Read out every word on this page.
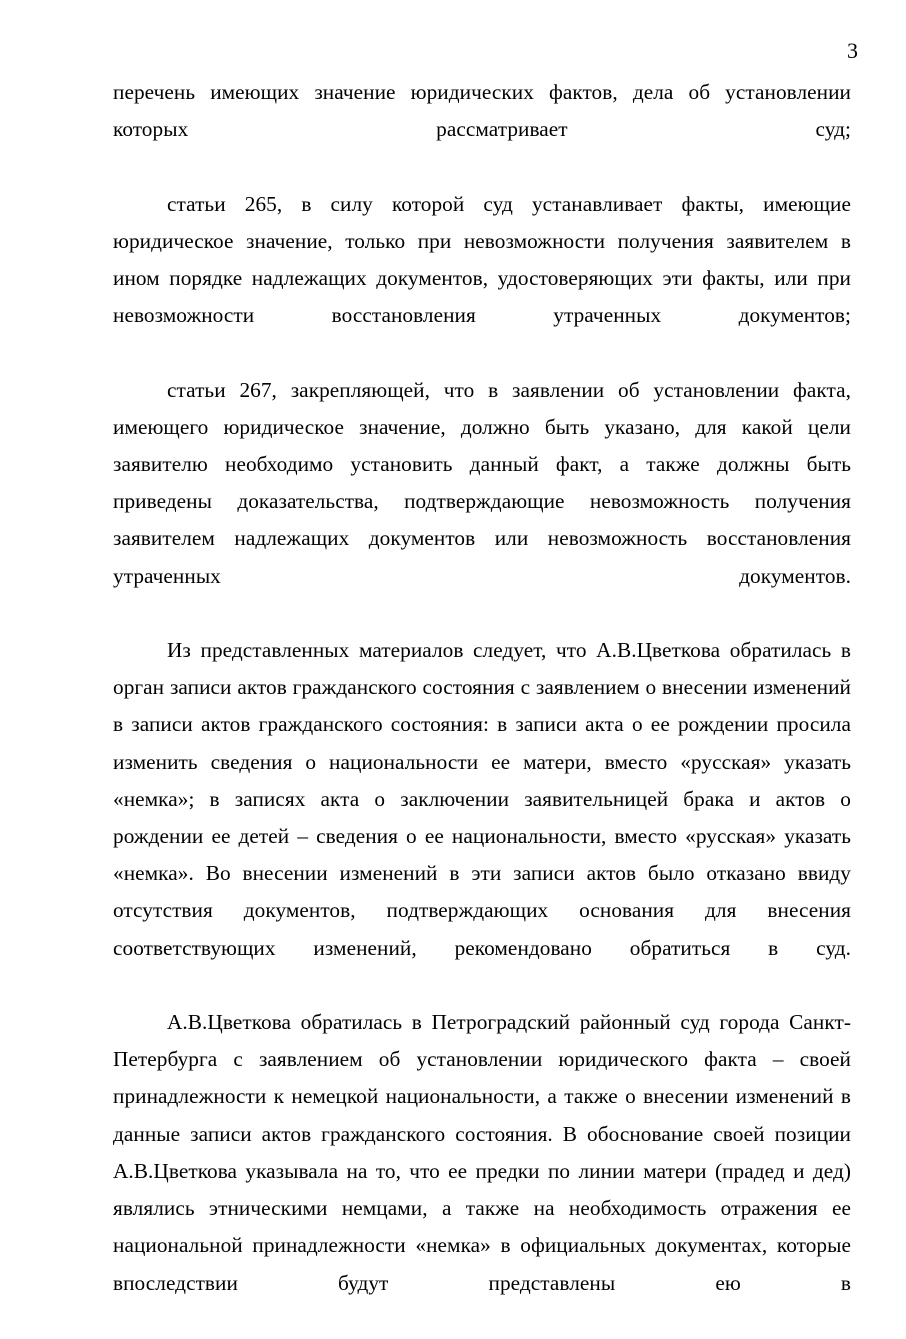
3

перечень имеющих значение юридических фактов, дела об установлении которых рассматривает суд;

статьи 265, в силу которой суд устанавливает факты, имеющие юридическое значение, только при невозможности получения заявителем в ином порядке надлежащих документов, удостоверяющих эти факты, или при невозможности восстановления утраченных документов;

статьи 267, закрепляющей, что в заявлении об установлении факта, имеющего юридическое значение, должно быть указано, для какой цели заявителю необходимо установить данный факт, а также должны быть приведены доказательства, подтверждающие невозможность получения заявителем надлежащих документов или невозможность восстановления утраченных документов.

Из представленных материалов следует, что А.В.Цветкова обратилась в орган записи актов гражданского состояния с заявлением о внесении изменений в записи актов гражданского состояния: в записи акта о ее рождении просила изменить сведения о национальности ее матери, вместо «русская» указать «немка»; в записях акта о заключении заявительницей брака и актов о рождении ее детей – сведения о ее национальности, вместо «русская» указать «немка». Во внесении изменений в эти записи актов было отказано ввиду отсутствия документов, подтверждающих основания для внесения соответствующих изменений, рекомендовано обратиться в суд.

А.В.Цветкова обратилась в Петроградский районный суд города Санкт-Петербурга с заявлением об установлении юридического факта – своей принадлежности к немецкой национальности, а также о внесении изменений в данные записи актов гражданского состояния. В обоснование своей позиции А.В.Цветкова указывала на то, что ее предки по линии матери (прадед и дед) являлись этническими немцами, а также на необходимость отражения ее национальной принадлежности «немка» в официальных документах, которые впоследствии будут представлены ею в
